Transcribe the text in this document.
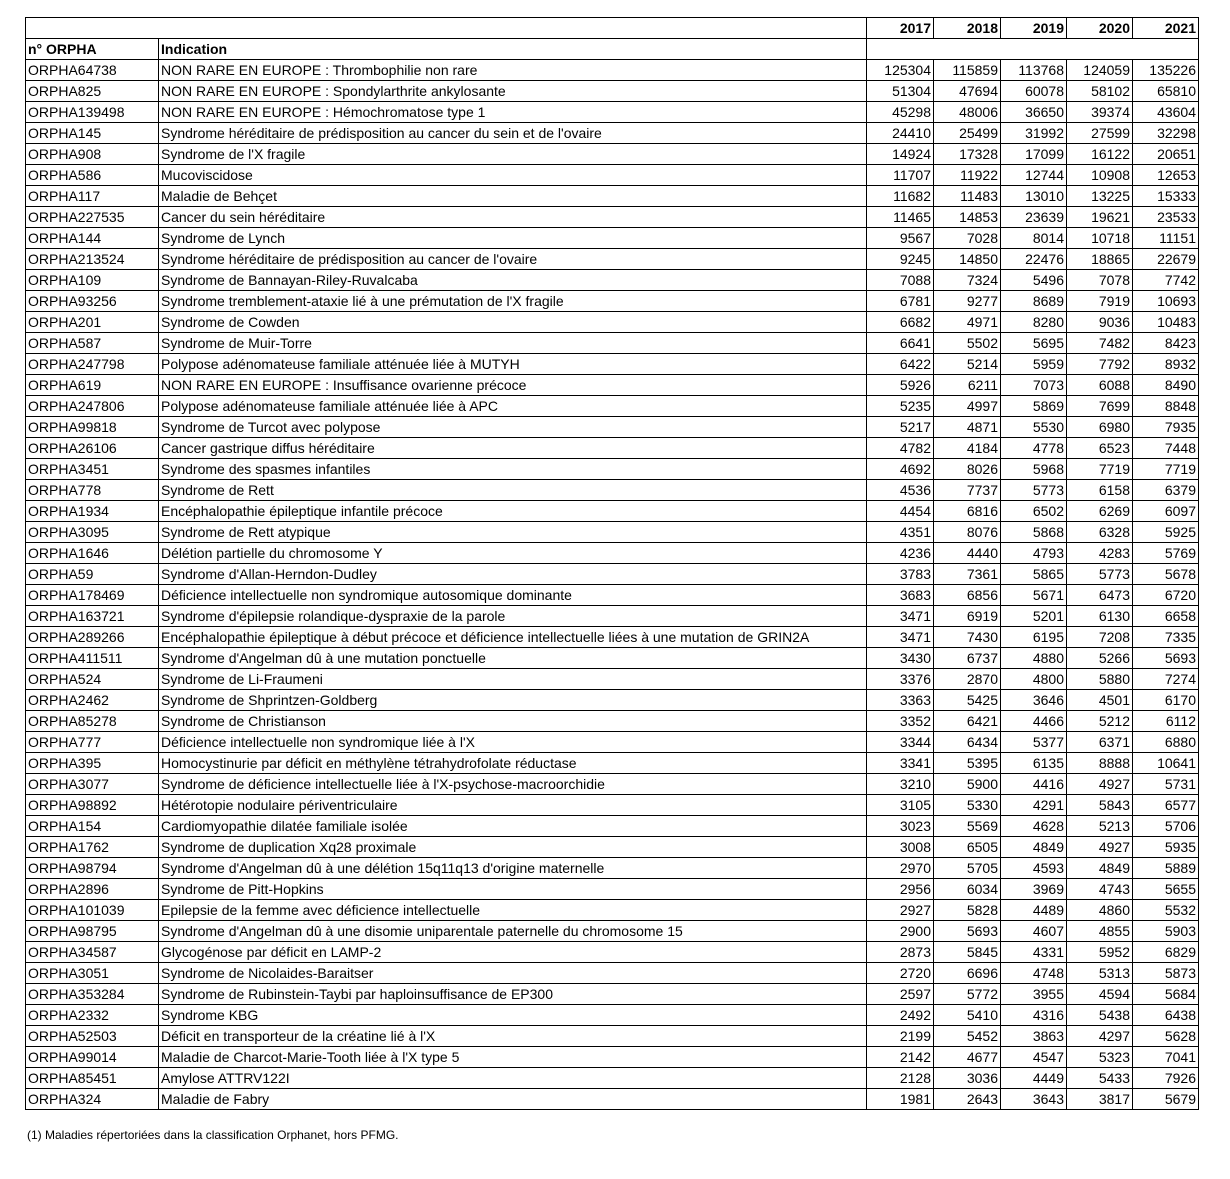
		2017	2018	2019	2020	2021
n° ORPHA	Indication					
ORPHA64738	NON RARE EN EUROPE : Thrombophilie non rare	125304	115859	113768	124059	135226
ORPHA825	NON RARE EN EUROPE : Spondylarthrite ankylosante	51304	47694	60078	58102	65810
ORPHA139498	NON RARE EN EUROPE : Hémochromatose type 1	45298	48006	36650	39374	43604
ORPHA145	Syndrome héréditaire de prédisposition au cancer du sein et de l'ovaire	24410	25499	31992	27599	32298
ORPHA908	Syndrome de l'X fragile	14924	17328	17099	16122	20651
ORPHA586	Mucoviscidose	11707	11922	12744	10908	12653
ORPHA117	Maladie de Behçet	11682	11483	13010	13225	15333
ORPHA227535	Cancer du sein héréditaire	11465	14853	23639	19621	23533
ORPHA144	Syndrome de Lynch	9567	7028	8014	10718	11151
ORPHA213524	Syndrome héréditaire de prédisposition au cancer de l'ovaire	9245	14850	22476	18865	22679
ORPHA109	Syndrome de Bannayan-Riley-Ruvalcaba	7088	7324	5496	7078	7742
ORPHA93256	Syndrome tremblement-ataxie lié à une prémutation de l'X fragile	6781	9277	8689	7919	10693
ORPHA201	Syndrome de Cowden	6682	4971	8280	9036	10483
ORPHA587	Syndrome de Muir-Torre	6641	5502	5695	7482	8423
ORPHA247798	Polypose adénomateuse familiale atténuée liée à MUTYH	6422	5214	5959	7792	8932
ORPHA619	NON RARE EN EUROPE : Insuffisance ovarienne précoce	5926	6211	7073	6088	8490
ORPHA247806	Polypose adénomateuse familiale atténuée liée à APC	5235	4997	5869	7699	8848
ORPHA99818	Syndrome de Turcot avec polypose	5217	4871	5530	6980	7935
ORPHA26106	Cancer gastrique diffus héréditaire	4782	4184	4778	6523	7448
ORPHA3451	Syndrome des spasmes infantiles	4692	8026	5968	7719	7719
ORPHA778	Syndrome de Rett	4536	7737	5773	6158	6379
ORPHA1934	Encéphalopathie épileptique infantile précoce	4454	6816	6502	6269	6097
ORPHA3095	Syndrome de Rett atypique	4351	8076	5868	6328	5925
ORPHA1646	Délétion partielle du chromosome Y	4236	4440	4793	4283	5769
ORPHA59	Syndrome d'Allan-Herndon-Dudley	3783	7361	5865	5773	5678
ORPHA178469	Déficience intellectuelle non syndromique autosomique dominante	3683	6856	5671	6473	6720
ORPHA163721	Syndrome d'épilepsie rolandique-dyspraxie de la parole	3471	6919	5201	6130	6658
ORPHA289266	Encéphalopathie épileptique à début précoce et déficience intellectuelle liées à une mutation de GRIN2A	3471	7430	6195	7208	7335
ORPHA411511	Syndrome d'Angelman dû à une mutation ponctuelle	3430	6737	4880	5266	5693
ORPHA524	Syndrome de Li-Fraumeni	3376	2870	4800	5880	7274
ORPHA2462	Syndrome de Shprintzen-Goldberg	3363	5425	3646	4501	6170
ORPHA85278	Syndrome de Christianson	3352	6421	4466	5212	6112
ORPHA777	Déficience intellectuelle non syndromique liée à l'X	3344	6434	5377	6371	6880
ORPHA395	Homocystinurie par déficit en méthylène tétrahydrofolate réductase	3341	5395	6135	8888	10641
ORPHA3077	Syndrome de déficience intellectuelle liée à l'X-psychose-macroorchidie	3210	5900	4416	4927	5731
ORPHA98892	Hétérotopie nodulaire périventriculaire	3105	5330	4291	5843	6577
ORPHA154	Cardiomyopathie dilatée familiale isolée	3023	5569	4628	5213	5706
ORPHA1762	Syndrome de duplication Xq28 proximale	3008	6505	4849	4927	5935
ORPHA98794	Syndrome d'Angelman dû à une délétion 15q11q13 d'origine maternelle	2970	5705	4593	4849	5889
ORPHA2896	Syndrome de Pitt-Hopkins	2956	6034	3969	4743	5655
ORPHA101039	Epilepsie de la femme avec déficience intellectuelle	2927	5828	4489	4860	5532
ORPHA98795	Syndrome d'Angelman dû à une disomie uniparentale paternelle du chromosome 15	2900	5693	4607	4855	5903
ORPHA34587	Glycogénose par déficit en LAMP-2	2873	5845	4331	5952	6829
ORPHA3051	Syndrome de Nicolaides-Baraitser	2720	6696	4748	5313	5873
ORPHA353284	Syndrome de Rubinstein-Taybi par haploinsuffisance de EP300	2597	5772	3955	4594	5684
ORPHA2332	Syndrome KBG	2492	5410	4316	5438	6438
ORPHA52503	Déficit en transporteur de la créatine lié à l'X	2199	5452	3863	4297	5628
ORPHA99014	Maladie de Charcot-Marie-Tooth liée à l'X type 5	2142	4677	4547	5323	7041
ORPHA85451	Amylose ATTRV122I	2128	3036	4449	5433	7926
ORPHA324	Maladie de Fabry	1981	2643	3643	3817	5679
(1) Maladies répertoriées dans la classification Orphanet, hors PFMG.
